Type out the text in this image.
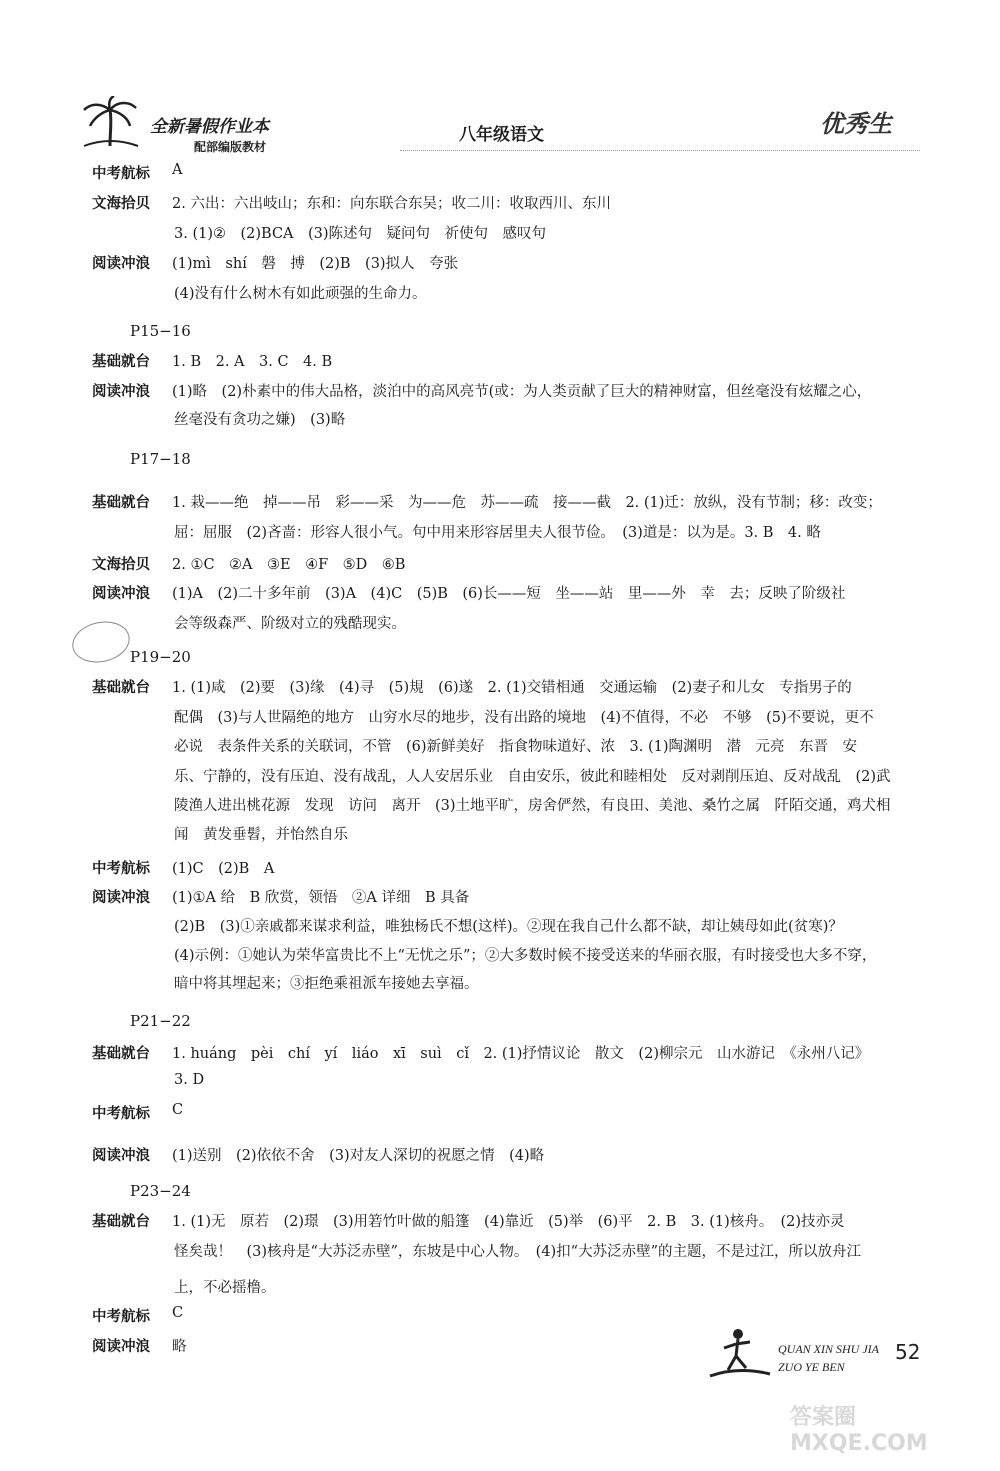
全新暑假作业本
配部编版教材
八年级语文	优秀生
中考航标 A
文海拾贝 2. 六出：六出岐山；东和：向东联合东吴；收二川：收取西川、东川
3. (1)②　(2)BCA　(3)陈述句　疑问句　祈使句　感叹句
阅读冲浪 (1)mì　shí　磐　搏　(2)B　(3)拟人　夸张
(4)没有什么树木有如此顽强的生命力。
P15−16
基础就台 1. B　2. A　3. C　4. B
阅读冲浪 (1)略　(2)朴素中的伟大品格，淡泊中的高风亮节(或：为人类贡献了巨大的精神财富，但丝毫没有炫耀之心，
丝毫没有贪功之嫌)　(3)略
P17−18
基础就台 1. 栽——绝　掉——吊　彩——采　为——危　苏——疏　接——截　2. (1)迁：放纵，没有节制；移：改变；
屈：屈服　(2)吝啬：形容人很小气。句中用来形容居里夫人很节俭。　(3)道是：以为是。3. B　4. 略
文海拾贝 2. ①C　②A　③E　④F　⑤D　⑥B
阅读冲浪 (1)A　(2)二十多年前　(3)A　(4)C　(5)B　(6)长——短　坐——站　里——外　幸　去；反映了阶级社
会等级森严、阶级对立的残酷现实。
P19−20
基础就台 1. (1)咸　(2)要　(3)缘　(4)寻　(5)規　(6)遂　2. (1)交错相通　交通运输　(2)妻子和儿女　专指男子的
配偶　(3)与人世隔绝的地方　山穷水尽的地步，没有出路的境地　(4)不值得，不必　不够　(5)不要说，更不
必说　表条件关系的关联词，不管　(6)新鲜美好　指食物味道好、浓　3. (1)陶渊明　潜　元亮　东晋　安
乐、宁静的，没有压迫、没有战乱，人人安居乐业　自由安乐，彼此和睦相处　反对剥削压迫、反对战乱　(2)武
陵渔人进出桃花源　发现　访问　离开　(3)土地平旷，房舍俨然，有良田、美池、桑竹之属　阡陌交通，鸡犬相
闻　黄发垂髫，并怡然自乐
中考航标 (1)C　(2)B　A
阅读冲浪 (1)①A 给　B 欣赏，领悟　②A 详细　B 具备
(2)B　(3)①亲戚都来谋求利益，唯独杨氏不想(这样)。②现在我自己什么都不缺，却让姨母如此(贫寒)？
(4)示例：①她认为荣华富贵比不上“无忧之乐”；②大多数时候不接受送来的华丽衣服，有时接受也大多不穿，
暗中将其埋起来；③拒绝乘祖派车接她去享福。
P21−22
基础就台 1. huáng　pèi　chí　yí　liáo　xī　suì　cǐ　2. (1)抒情议论　散文　(2)柳宗元　山水游记　《永州八记》
3. D
中考航标 C
阅读冲浪 (1)送别　(2)依依不舍　(3)对友人深切的祝愿之情　(4)略
P23−24
基础就台 1. (1)无　原若　(2)璟　(3)用箬竹叶做的船篷　(4)靠近　(5)举　(6)平　2. B　3. (1)核舟。　(2)技亦灵
怪矣哉！　(3)核舟是“大苏泛赤壁”，东坡是中心人物。　(4)扣“大苏泛赤壁”的主题，不是过江，所以放舟江
上，不必摇橹。
中考航标 C
阅读冲浪 略	QUAN XIN SHU JIA
ZUO YE BEN
52
答案圈 MXQE.COM
